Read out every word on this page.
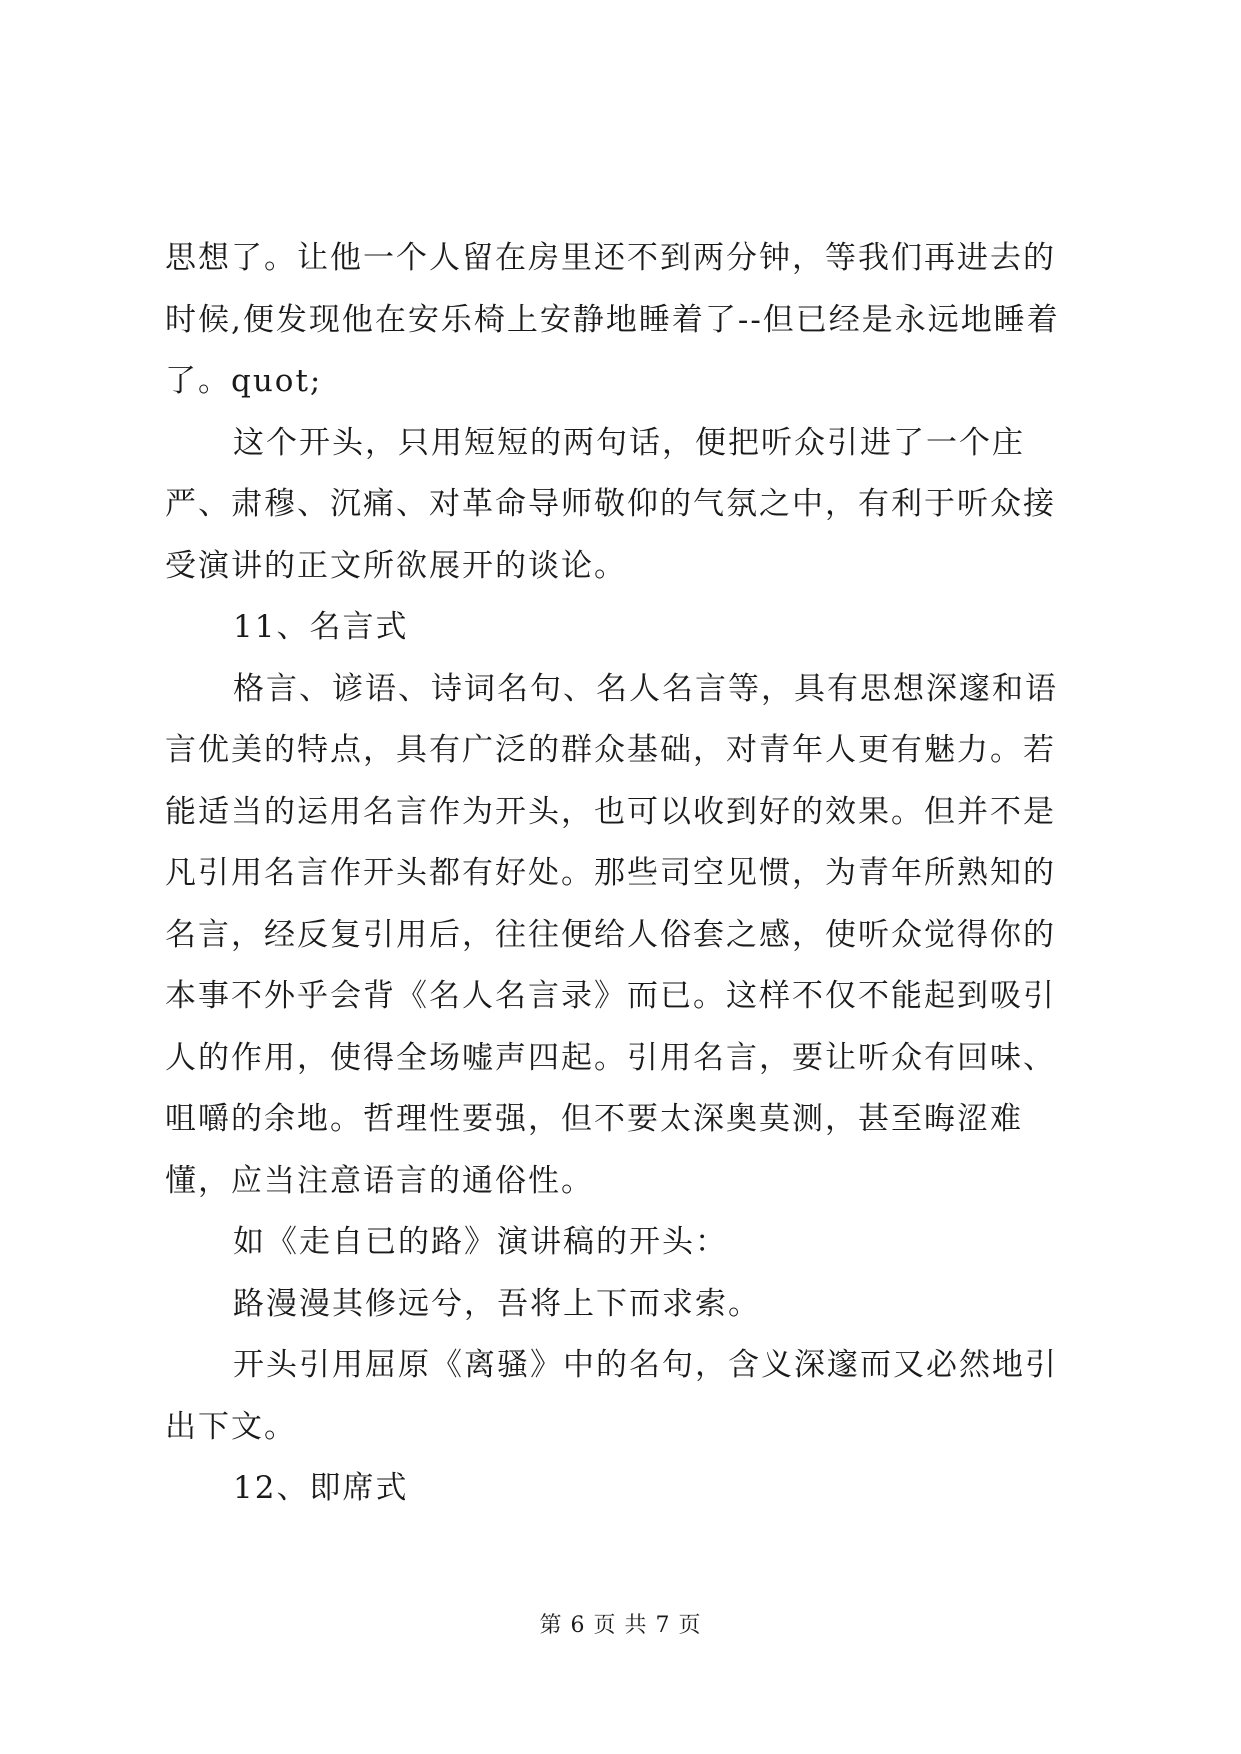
思想了。让他一个人留在房里还不到两分钟，等我们再进去的时候,便发现他在安乐椅上安静地睡着了--但已经是永远地睡着了。quot;

这个开头，只用短短的两句话，便把听众引进了一个庄严、肃穆、沉痛、对革命导师敬仰的气氛之中，有利于听众接受演讲的正文所欲展开的谈论。

11、名言式

格言、谚语、诗词名句、名人名言等，具有思想深邃和语言优美的特点，具有广泛的群众基础，对青年人更有魅力。若能适当的运用名言作为开头，也可以收到好的效果。但并不是凡引用名言作开头都有好处。那些司空见惯，为青年所熟知的名言，经反复引用后，往往便给人俗套之感，使听众觉得你的本事不外乎会背《名人名言录》而已。这样不仅不能起到吸引人的作用，使得全场嘘声四起。引用名言，要让听众有回味、咀嚼的余地。哲理性要强，但不要太深奥莫测，甚至晦涩难懂，应当注意语言的通俗性。

如《走自已的路》演讲稿的开头：

路漫漫其修远兮，吾将上下而求索。

开头引用屈原《离骚》中的名句，含义深邃而又必然地引出下文。

12、即席式

第 6 页 共 7 页
